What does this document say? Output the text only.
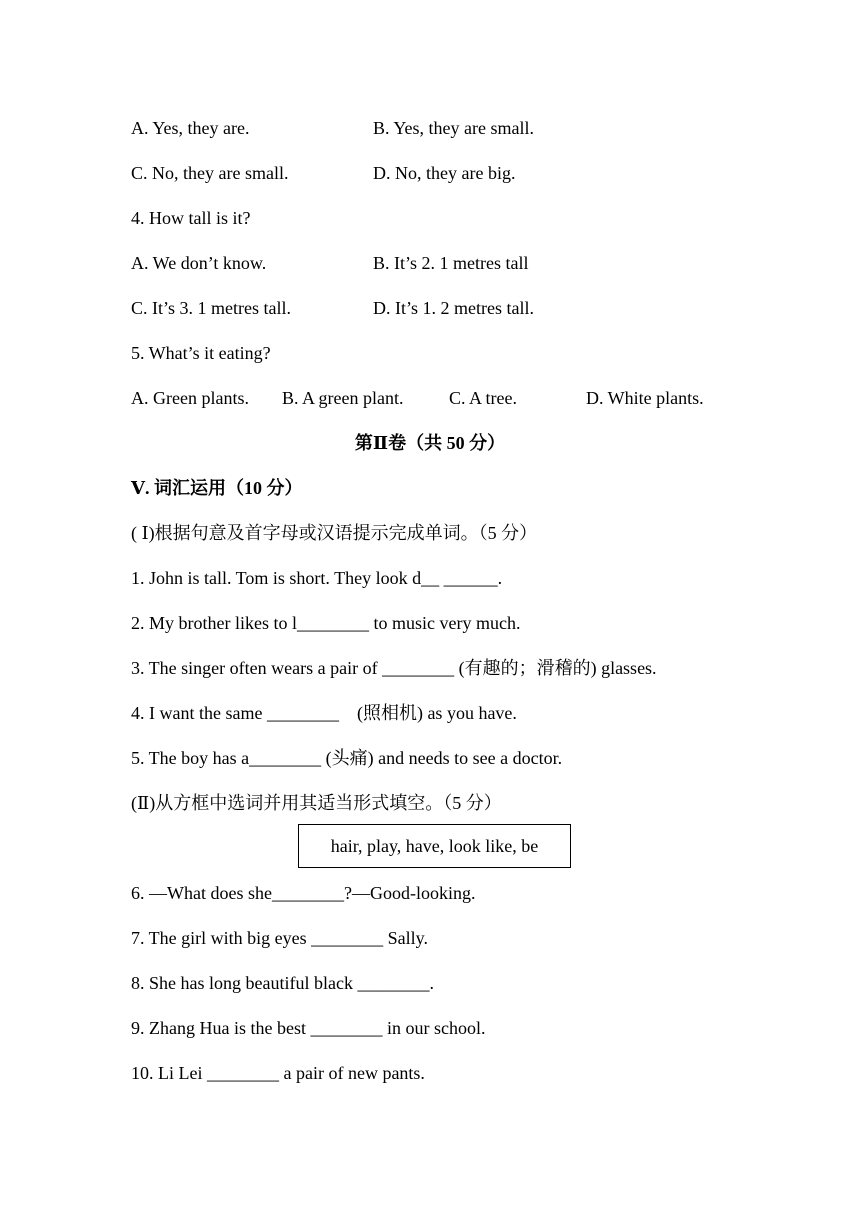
A. Yes, they are.	B. Yes, they are small.
C. No, they are small.	D. No, they are big.
4. How tall is it?
A. We don’t know.	B. It’s 2. 1 metres tall
C. It’s 3. 1 metres tall.	D. It’s 1. 2 metres tall.
5. What’s it eating?
A. Green plants. B. A green plant.	C. A tree.	D. White plants.
第Ⅱ卷（共 50 分）
Ⅴ. 词汇运用（10 分）
( Ⅰ)根据句意及首字母或汉语提示完成单词。（5 分）
1. John is tall. Tom is short. They look d__ ______.
2. My brother likes to l________ to music very much.
3. The singer often wears a pair of ________ (有趣的；滑稽的) glasses.
4. I want the same ________    (照相机) as you have.
5. The boy has a________ (头痛) and needs to see a doctor.
(Ⅱ)从方框中选词并用其适当形式填空。（5 分）
hair, play, have, look like, be
6. —What does she________?—Good-looking.
7. The girl with big eyes ________ Sally.
8. She has long beautiful black ________.
9. Zhang Hua is the best ________ in our school.
10. Li Lei ________ a pair of new pants.
